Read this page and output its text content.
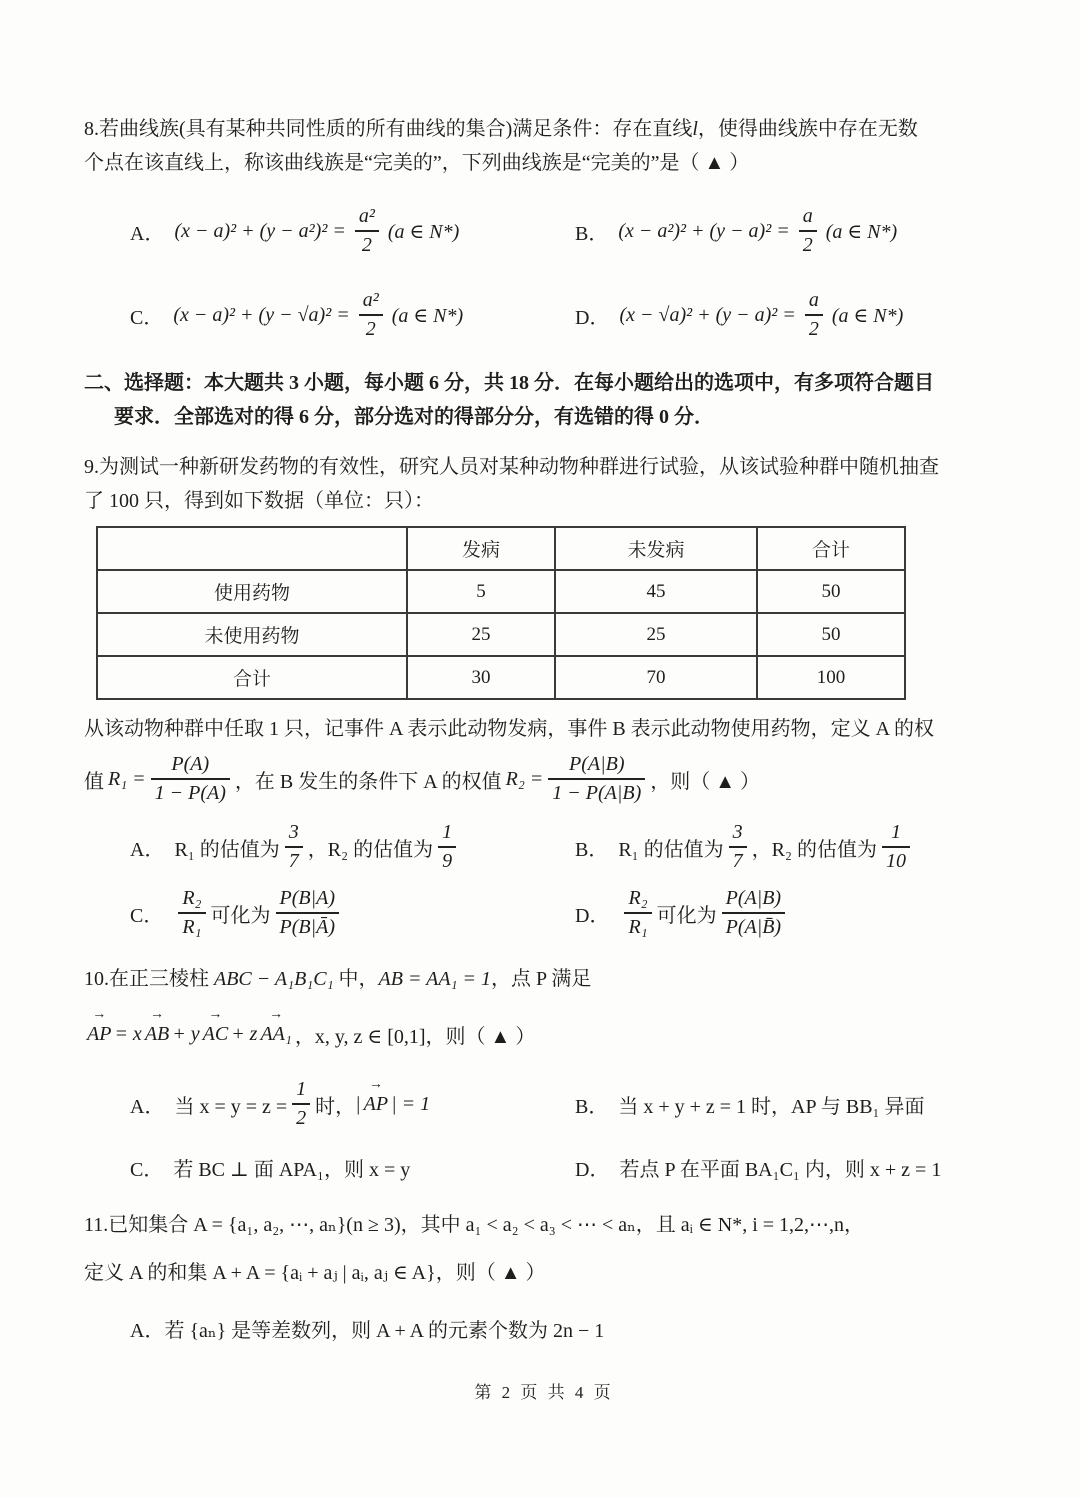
8.若曲线族(具有某种共同性质的所有曲线的集合)满足条件：存在直线l，使得曲线族中存在无数

个点在该直线上，称该曲线族是“完美的”，下列曲线族是“完美的”是（ ▲ ）

A． $(x - a)^2 + (y - a^2)^2 = \frac{\text{a²}}{2} (a$ ∈ N*)	B． $(x - a^2)^2 + (y - a)^2 = \frac{a}{2} (a$ ∈ N*)
C． $(x - a)^2 + (y - √a)^2 = \frac{\text{a²}}{2} (a$ ∈ N*)	D． $(x - √a)^2 + (y - a)^2 = \frac{a}{2} (a$ ∈ N*)

二、选择题：本大题共 3 小题，每小题 6 分，共 18 分．在每小题给出的选项中，有多项符合题目

要求．全部选对的得 6 分，部分选对的得部分分，有选错的得 0 分．

9.为测试一种新研发药物的有效性，研究人员对某种动物种群进行试验，从该试验种群中随机抽查

了 100 只，得到如下数据（单位：只）：

	发病	未发病	合计
使用药物	5	45	50
未使用药物	25	25	50
合计	30	70	100

从该动物种群中任取 1 只，记事件 A 表示此动物发病，事件 B 表示此动物使用药物，定义 A 的权

值 $R_1 = \frac{P(A)}{1 - P(A)}$ ，在 B 发生的条件下 A 的权值 $R_2 = \frac{P(A|B)}{1 - P(A|B)}$ ，则（ ▲ ）
A． R₁ 的估值为 $\frac{3}{7}$ ，R₂ 的估值为 $\frac{1}{9}$	B． R₁ 的估值为 $\frac{3}{7}$ ，R₂ 的估值为 $\frac{1}{10}$
C． $\frac{\text{R₂}}{\text{R₁}}$ 可化为 $\frac{P(B|A)}{P(B|Ā)}$	D． $\frac{\text{R₂}}{\text{R₁}}$ 可化为 $\frac{P(A|B)}{P(A|B̄)}$

10.在正三棱柱 ABC − A₁B₁C₁ 中，AB = AA₁ = 1，点 P 满足

→
AP = x
→
AB + y
→
AC + z
→
AA₁ ，x, y, z ∈ [0,1]，则（ ▲ ）
A． 当 $x = y = z = \frac{1}{2}$ 时， |
→
AP | = 1	B． 当 x + y + z = 1 时，AP 与 BB₁ 异面
C． 若 BC ⊥ 面 APA₁，则 x = y	D． 若点 P 在平面 BA₁C₁ 内，则 x + z = 1

11.已知集合 A = {a₁, a₂, ⋯, aₙ}(n ≥ 3)，其中 a₁ < a₂ < a₃ < ⋯ < aₙ，且 aᵢ ∈ N*, i = 1,2,⋯,n，

定义 A 的和集 A + A = {aᵢ + aⱼ | aᵢ, aⱼ ∈ A}，则（ ▲ ）

A．若 {aₙ} 是等差数列，则 A + A 的元素个数为 2n − 1

第 2 页 共 4 页
